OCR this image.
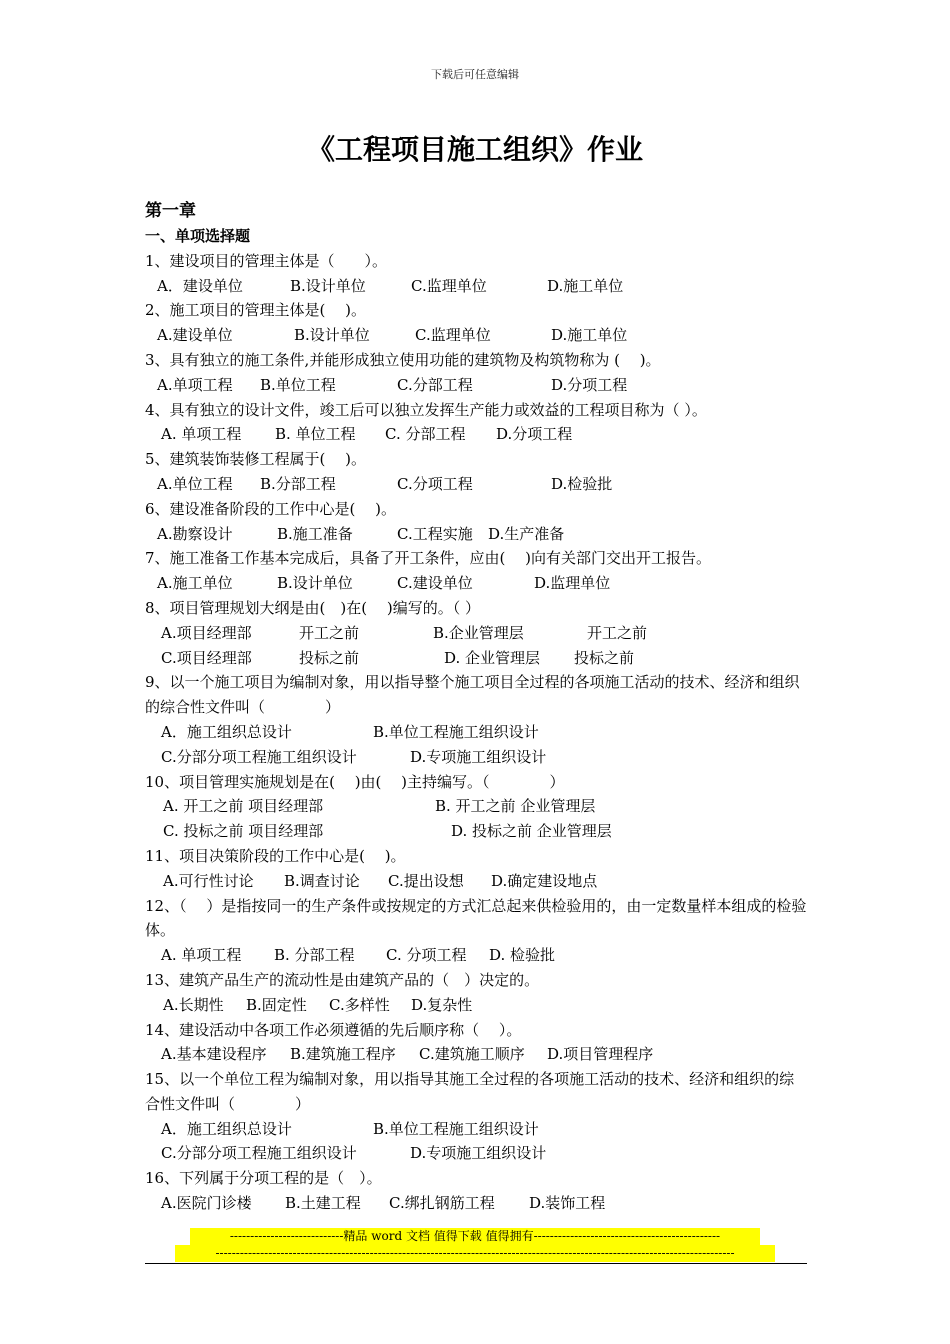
下载后可任意编辑
《工程项目施工组织》作业
第一章
一、单项选择题
1、建设项目的管理主体是（　　）。
A．建设单位	B.设计单位	C.监理单位	D.施工单位
2、施工项目的管理主体是(　 )。
A.建设单位	B.设计单位	C.监理单位	D.施工单位
3、具有独立的施工条件,并能形成独立使用功能的建筑物及构筑物称为 (　 )。
A.单项工程	B.单位工程	C.分部工程	D.分项工程
4、具有独立的设计文件，竣工后可以独立发挥生产能力或效益的工程项目称为（ ）。
A. 单项工程	B. 单位工程	C. 分部工程	D.分项工程
5、建筑装饰装修工程属于(　 )。
A.单位工程	B.分部工程	C.分项工程	D.检验批
6、建设准备阶段的工作中心是(　 )。
A.勘察设计	B.施工准备	C.工程实施	D.生产准备
7、施工准备工作基本完成后，具备了开工条件，应由(　 )向有关部门交出开工报告。
A.施工单位	B.设计单位	C.建设单位	D.监理单位
8、项目管理规划大纲是由(　)在(　 )编写的。（ ）
A.项目经理部	开工之前	B.企业管理层	开工之前
C.项目经理部	投标之前	D. 企业管理层	投标之前
9、以一个施工项目为编制对象，用以指导整个施工项目全过程的各项施工活动的技术、经济和组织的综合性文件叫（　　　　）
A．施工组织总设计	B.单位工程施工组织设计
C.分部分项工程施工组织设计	D.专项施工组织设计
10、项目管理实施规划是在(　 )由(　 )主持编写。（　　　　）
A. 开工之前 项目经理部	B. 开工之前 企业管理层
C. 投标之前 项目经理部	D. 投标之前 企业管理层
11、项目决策阶段的工作中心是(　 )。
A.可行性讨论	B.调查讨论	C.提出设想	D.确定建设地点
12、（　 ）是指按同一的生产条件或按规定的方式汇总起来供检验用的，由一定数量样本组成的检验体。
A. 单项工程	B. 分部工程	C. 分项工程	D. 检验批
13、建筑产品生产的流动性是由建筑产品的（　）决定的。
A.长期性	B.固定性	C.多样性	D.复杂性
14、建设活动中各项工作必须遵循的先后顺序称（　 ）。
A.基本建设程序	B.建筑施工程序	C.建筑施工顺序	D.项目管理程序
15、以一个单位工程为编制对象，用以指导其施工全过程的各项施工活动的技术、经济和组织的综合性文件叫（　　　　）
A．施工组织总设计	B.单位工程施工组织设计
C.分部分项工程施工组织设计	D.专项施工组织设计
16、下列属于分项工程的是（　）。
A.医院门诊楼	B.土建工程	C.绑扎钢筋工程	D.装饰工程
----------------------------精品 word 文档 值得下载 值得拥有----------------------------------------------
--------------------------------------------------------------------------------------------------------------------------------
